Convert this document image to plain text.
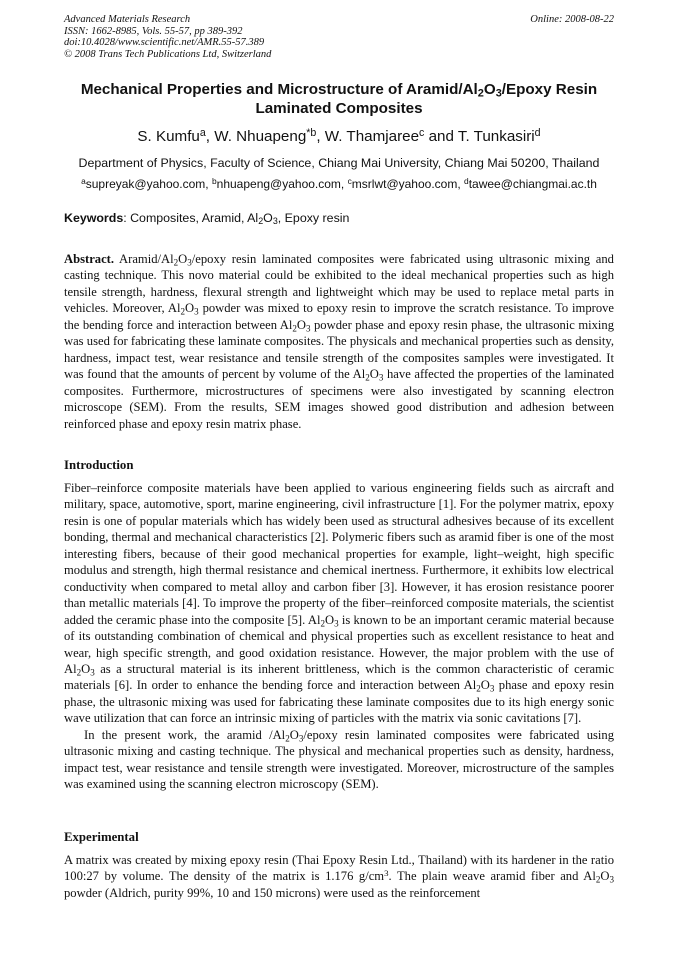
Advanced Materials Research
ISSN: 1662-8985, Vols. 55-57, pp 389-392
doi:10.4028/www.scientific.net/AMR.55-57.389
© 2008 Trans Tech Publications Ltd, Switzerland
Online: 2008-08-22
Mechanical Properties and Microstructure of Aramid/$Al_2O_3$/Epoxy Resin
Laminated Composites
S. Kumfu$^a$, W. Nhuapeng$^{*b}$, W. Thamjaree$^c$ and T. Tunkasiri$^d$
Department of Physics, Faculty of Science, Chiang Mai University, Chiang Mai 50200, Thailand
$^a$supreyak@yahoo.com, $^b$nhuapeng@yahoo.com, $^c$msrlwt@yahoo.com, $^d$tawee@chiangmai.ac.th
Keywords: Composites, Aramid, $Al_2O_3$, Epoxy resin

Abstract. Aramid/$Al_2O_3$/epoxy resin laminated composites were fabricated using ultrasonic mixing and casting technique. This novo material could be exhibited to the ideal mechanical properties such as high tensile strength, hardness, flexural strength and lightweight which may be used to replace metal parts in vehicles. Moreover, $Al_2O_3$ powder was mixed to epoxy resin to improve the scratch resistance. To improve the bending force and interaction between $Al_2O_3$ powder phase and epoxy resin phase, the ultrasonic mixing was used for fabricating these laminate composites. The physicals and mechanical properties such as density, hardness, impact test, wear resistance and tensile strength of the composites samples were investigated. It was found that the amounts of percent by volume of the $Al_2O_3$ have affected the properties of the laminated composites. Furthermore, microstructures of specimens were also investigated by scanning electron microscope (SEM). From the results, SEM images showed good distribution and adhesion between reinforced phase and epoxy resin matrix phase.

Introduction

Fiber–reinforce composite materials have been applied to various engineering fields such as aircraft and military, space, automotive, sport, marine engineering, civil infrastructure [1]. For the polymer matrix, epoxy resin is one of popular materials which has widely been used as structural adhesives because of its excellent bonding, thermal and mechanical characteristics [2]. Polymeric fibers such as aramid fiber is one of the most interesting fibers, because of their good mechanical properties for example, light–weight, high specific modulus and strength, high thermal resistance and chemical inertness. Furthermore, it exhibits low electrical conductivity when compared to metal alloy and carbon fiber [3]. However, it has erosion resistance poorer than metallic materials [4]. To improve the property of the fiber–reinforced composite materials, the scientist added the ceramic phase into the composite [5]. $Al_2O_3$ is known to be an important ceramic material because of its outstanding combination of chemical and physical properties such as excellent resistance to heat and wear, high specific strength, and good oxidation resistance. However, the major problem with the use of $Al_2O_3$ as a structural material is its inherent brittleness, which is the common characteristic of ceramic materials [6]. In order to enhance the bending force and interaction between $Al_2O_3$ phase and epoxy resin phase, the ultrasonic mixing was used for fabricating these laminate composites due to its high energy sonic wave utilization that can force an intrinsic mixing of particles with the matrix via sonic cavitations [7].

In the present work, the aramid $/Al_2O_3$/epoxy resin laminated composites were fabricated using ultrasonic mixing and casting technique. The physical and mechanical properties such as density, hardness, impact test, wear resistance and tensile strength were investigated. Moreover, microstructure of the samples was examined using the scanning electron microscopy (SEM).

Experimental

A matrix was created by mixing epoxy resin (Thai Epoxy Resin Ltd., Thailand) with its hardener in the ratio 100:27 by volume. The density of the matrix is 1.176 $g/cm^3$. The plain weave aramid fiber and $Al_2O_3$ powder (Aldrich, purity 99%, 10 and 150 microns) were used as the reinforcement
